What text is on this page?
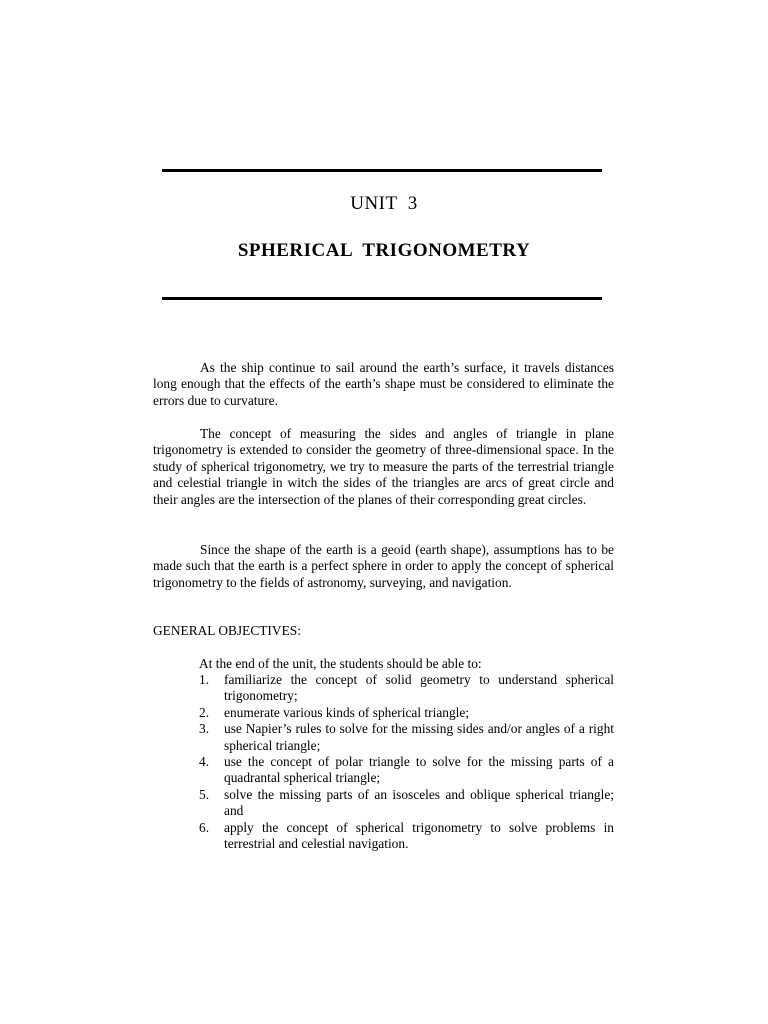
UNIT  3
SPHERICAL  TRIGONOMETRY

As the ship continue to sail around the earth’s surface, it travels distances long enough that the effects of the earth’s shape must be considered to eliminate the errors due to curvature.

The concept of measuring the sides and angles of triangle in plane trigonometry is extended to consider the geometry of three-dimensional space. In the study of spherical trigonometry, we try to measure the parts of the terrestrial triangle and celestial triangle in witch the sides of the triangles are arcs of great circle and their angles are the intersection of the planes of their corresponding great circles.

Since the shape of the earth is a geoid (earth shape), assumptions has to be made such that the earth is a perfect sphere in order to apply the concept of spherical trigonometry to the fields of astronomy, surveying, and navigation.

GENERAL OBJECTIVES:
At the end of the unit, the students should be able to:
1.	familiarize the concept of solid geometry to understand spherical trigonometry;
2.	enumerate various kinds of spherical triangle;
3.	use Napier’s rules to solve for the missing sides and/or angles of a right spherical triangle;
4.	use the concept of polar triangle to solve for the missing parts of a quadrantal spherical triangle;
5.	solve the missing parts of an isosceles and oblique spherical triangle; and
6.	apply the concept of spherical trigonometry to solve problems in terrestrial and celestial navigation.
